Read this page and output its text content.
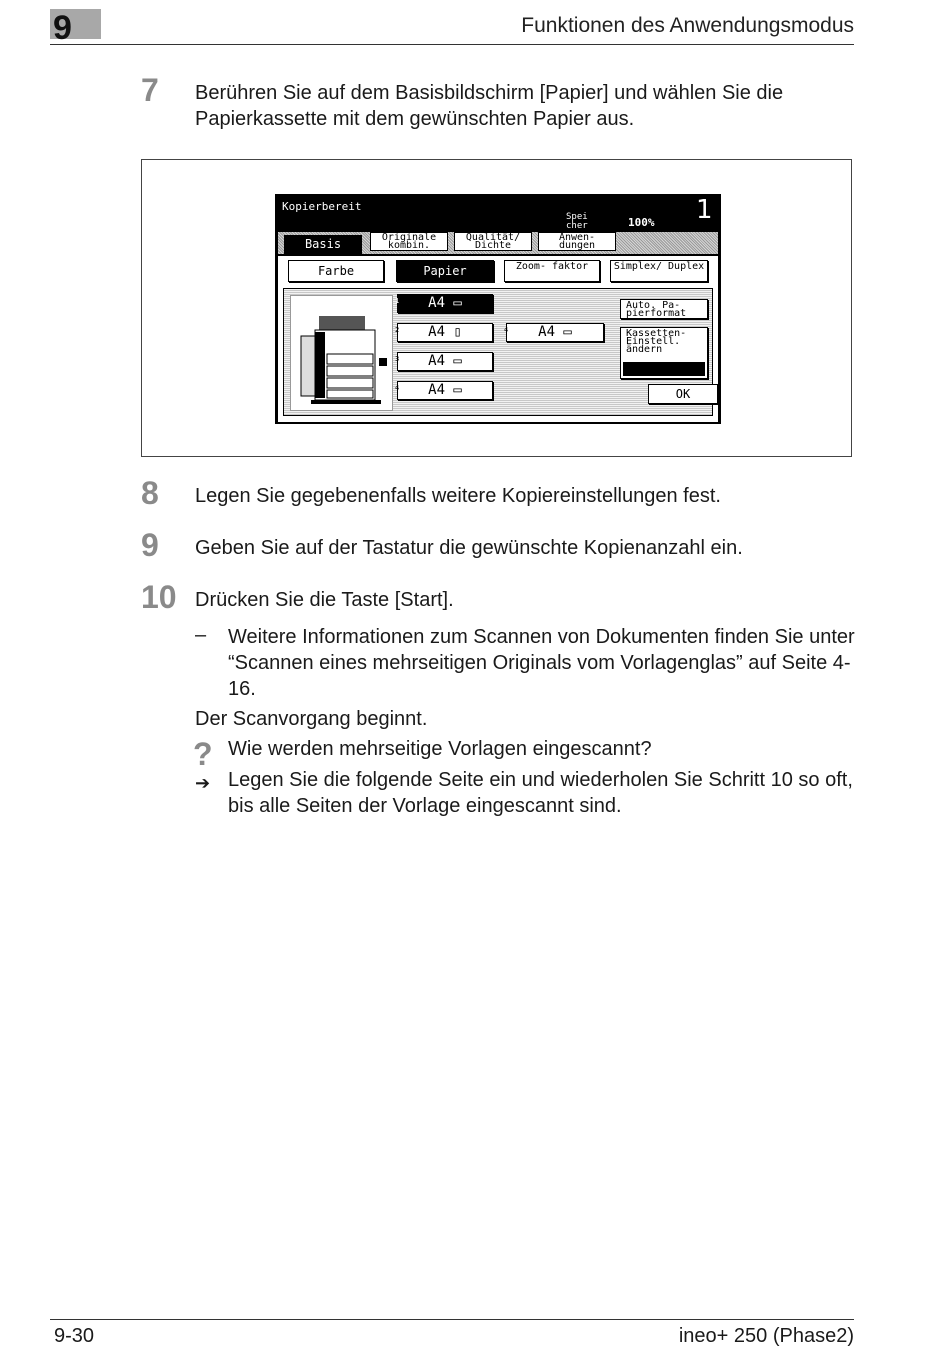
9	Funktionen des Anwendungsmodus
7 Berühren Sie auf dem Basisbildschirm [Papier] und wählen Sie die Papierkassette mit dem gewünschten Papier aus.
Kopierbereit
Spei cher	100% 1
Basis	Originale kombin.
Qualität/ Dichte
Anwen- dungen
Farbe	Papier	Zoom- faktor	Simplex/ Duplex
1 A4 ▭
2 A4 ▯
3 A4 ▭
4 A4 ▭
4 A4 ▭
Auto. Pa- pierformat
Kassetten- Einstell. ändern
OK
8 Legen Sie gegebenenfalls weitere Kopiereinstellungen fest.
9 Geben Sie auf der Tastatur die gewünschte Kopienanzahl ein.
10 Drücken Sie die Taste [Start].
– Weitere Informationen zum Scannen von Dokumenten finden Sie unter “Scannen eines mehrseitigen Originals vom Vorlagenglas” auf Seite 4-16.
Der Scanvorgang beginnt.
? Wie werden mehrseitige Vorlagen eingescannt?
➔ Legen Sie die folgende Seite ein und wiederholen Sie Schritt 10 so oft, bis alle Seiten der Vorlage eingescannt sind.
9-30	ineo+ 250 (Phase2)
